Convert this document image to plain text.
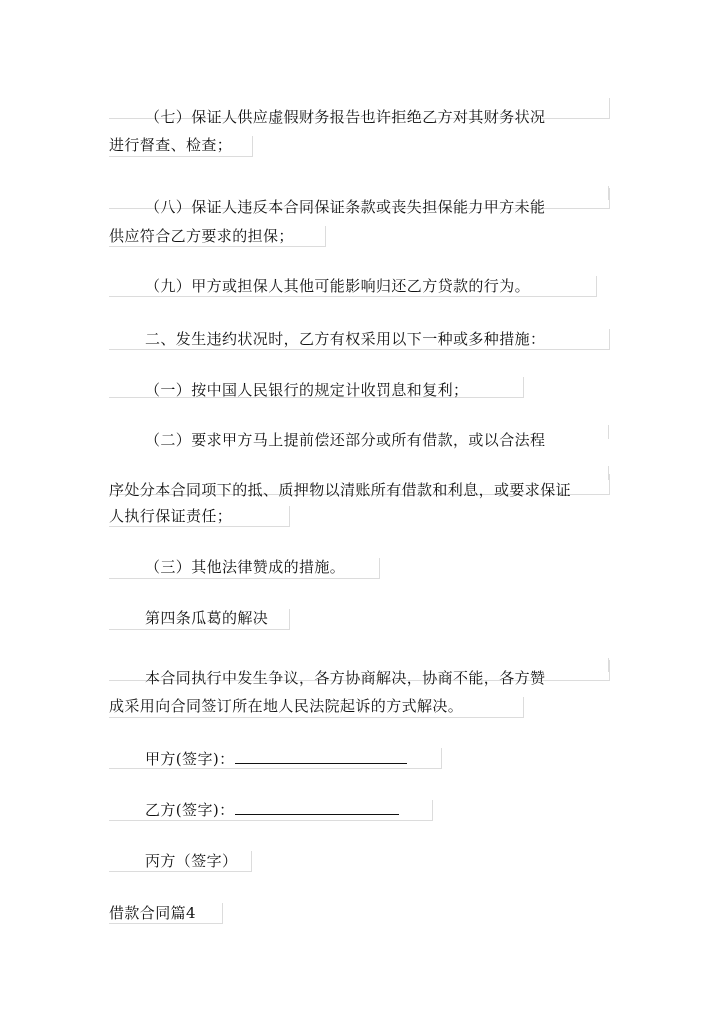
（七）保证人供应虚假财务报告也许拒绝乙方对其财务状况
进行督查、检查；
（八）保证人违反本合同保证条款或丧失担保能力甲方未能
供应符合乙方要求的担保；
（九）甲方或担保人其他可能影响归还乙方贷款的行为。
二、发生违约状况时，乙方有权采用以下一种或多种措施：
（一）按中国人民银行的规定计收罚息和复利；
（二）要求甲方马上提前偿还部分或所有借款，或以合法程
序处分本合同项下的抵、质押物以清账所有借款和利息，或要求保证
人执行保证责任；
（三）其他法律赞成的措施。
第四条瓜葛的解决
本合同执行中发生争议，各方协商解决，协商不能，各方赞
成采用向合同签订所在地人民法院起诉的方式解决。
甲方(签字)：
乙方(签字)：
丙方（签字）
借款合同篇4
